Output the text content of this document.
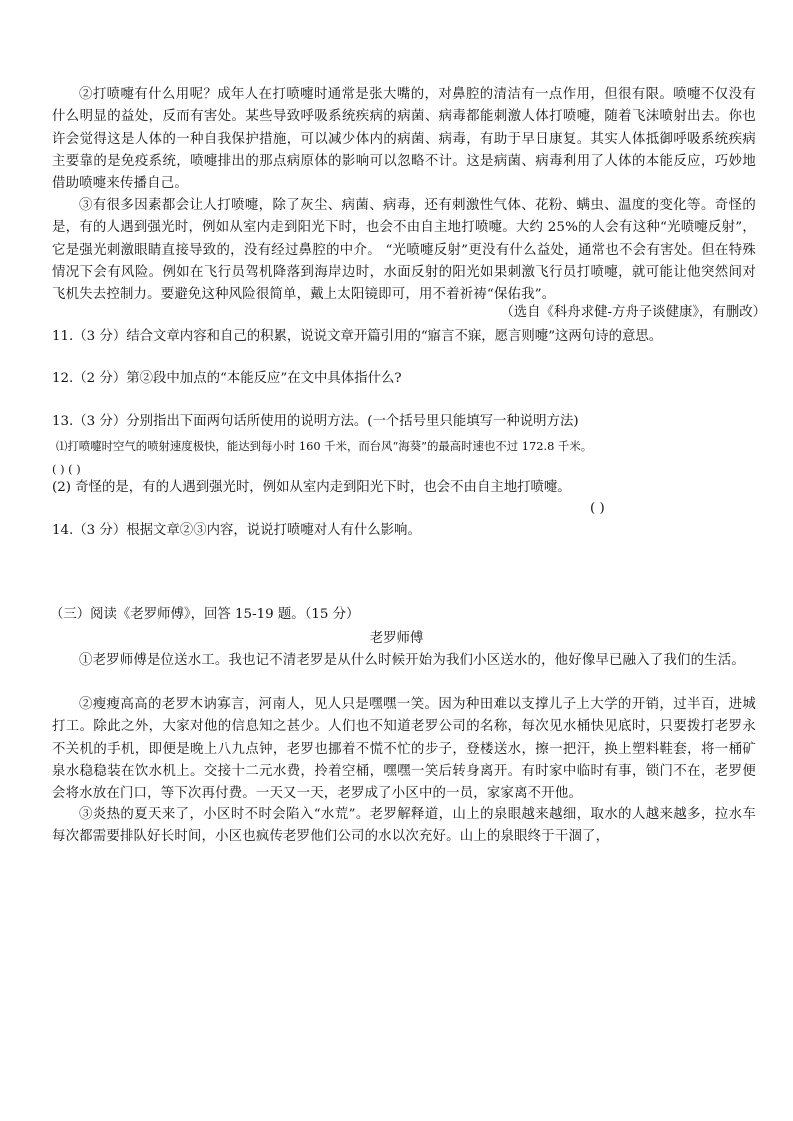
②打喷嚏有什么用呢？成年人在打喷嚏时通常是张大嘴的，对鼻腔的清洁有一点作用，但很有限。喷嚏不仅没有什么明显的益处，反而有害处。某些导致呼吸系统疾病的病菌、病毒都能刺激人体打喷嚏，随着飞沫喷射出去。你也许会觉得这是人体的一种自我保护措施，可以减少体内的病菌、病毒，有助于早日康复。其实人体抵御呼吸系统疾病主要靠的是免疫系统，喷嚏排出的那点病原体的影响可以忽略不计。这是病菌、病毒利用了人体的本能反应，巧妙地借助喷嚏来传播自己。

③有很多因素都会让人打喷嚏，除了灰尘、病菌、病毒，还有刺激性气体、花粉、螨虫、温度的变化等。奇怪的是，有的人遇到强光时，例如从室内走到阳光下时，也会不由自主地打喷嚏。大约 25%的人会有这种“光喷嚏反射”，它是强光刺激眼睛直接导致的，没有经过鼻腔的中介。 “光喷嚏反射”更没有什么益处，通常也不会有害处。但在特殊情况下会有风险。例如在飞行员驾机降落到海岸边时，水面反射的阳光如果刺激飞行员打喷嚏，就可能让他突然间对飞机失去控制力。要避免这种风险很简单，戴上太阳镜即可，用不着祈祷“保佑我”。

（选自《科舟求健-方舟子谈健康》，有删改）
11.（3 分）结合文章内容和自己的积累，说说文章开篇引用的“寤言不寐，愿言则嚏”这两句诗的意思。
12.（2 分）第②段中加点的“本能反应”在文中具体指什么?
13.（3 分）分别指出下面两句话所使用的说明方法。(一个括号里只能填写一种说明方法)
⑴打喷嚏时空气的喷射速度极快，能达到每小时 160 千米，而台风“海葵”的最高时速也不过 172.8 千米。
( ) ( )
(2) 奇怪的是，有的人遇到强光时，例如从室内走到阳光下时，也会不由自主地打喷嚏。
( )
14.（3 分）根据文章②③内容，说说打喷嚏对人有什么影响。
（三）阅读《老罗师傅》，回答 15-19 题。（15 分）
老罗师傅

①老罗师傅是位送水工。我也记不清老罗是从什么时候开始为我们小区送水的，他好像早已融入了我们的生活。

②瘦瘦高高的老罗木讷寡言，河南人，见人只是嘿嘿一笑。因为种田难以支撑儿子上大学的开销，过半百，进城打工。除此之外，大家对他的信息知之甚少。人们也不知道老罗公司的名称，每次见水桶快见底时，只要拨打老罗永不关机的手机，即便是晚上八九点钟，老罗也挪着不慌不忙的步子，登楼送水，擦一把汗，换上塑料鞋套，将一桶矿泉水稳稳装在饮水机上。交接十二元水费，拎着空桶，嘿嘿一笑后转身离开。有时家中临时有事，锁门不在，老罗便会将水放在门口，等下次再付费。一天又一天，老罗成了小区中的一员，家家离不开他。

③炎热的夏天来了，小区时不时会陷入“水荒”。老罗解释道，山上的泉眼越来越细，取水的人越来越多，拉水车每次都需要排队好长时间，小区也疯传老罗他们公司的水以次充好。山上的泉眼终于干涸了，
